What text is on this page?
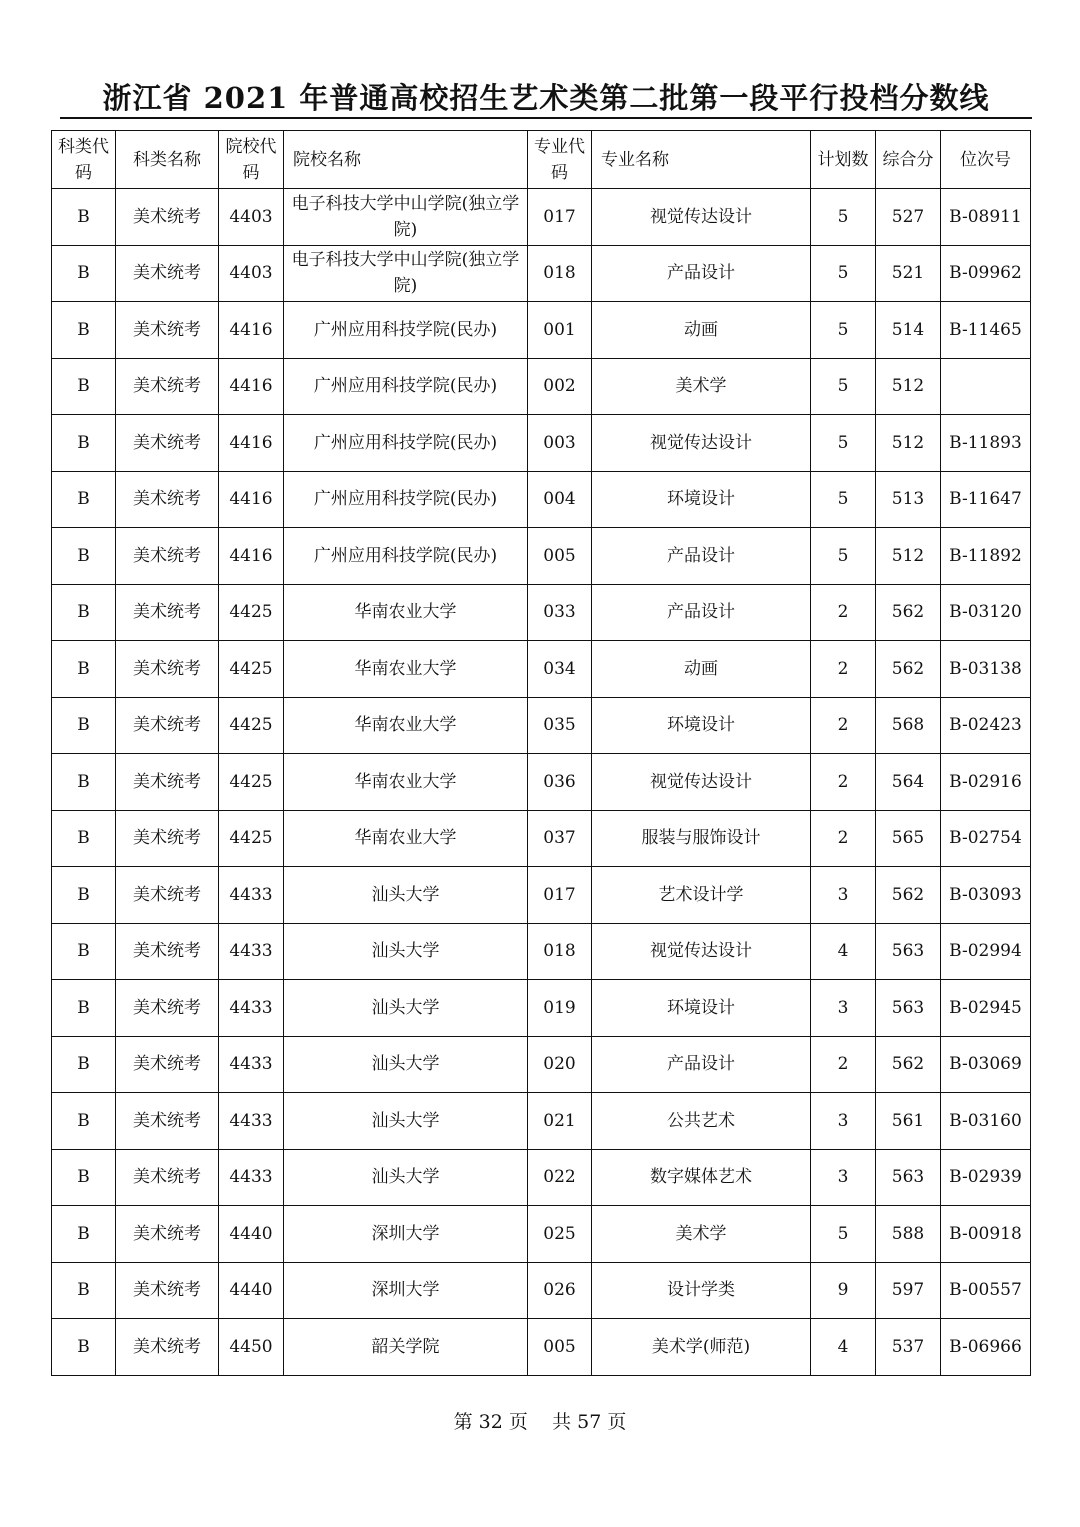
浙江省 2021 年普通高校招生艺术类第二批第一段平行投档分数线
科类代码	科类名称	院校代码	院校名称	专业代码	专业名称	计划数	综合分	位次号
B	美术统考	4403	电子科技大学中山学院(独立学院)	017	视觉传达设计	5	527	B-08911
B	美术统考	4403	电子科技大学中山学院(独立学院)	018	产品设计	5	521	B-09962
B	美术统考	4416	广州应用科技学院(民办)	001	动画	5	514	B-11465
B	美术统考	4416	广州应用科技学院(民办)	002	美术学	5	512	
B	美术统考	4416	广州应用科技学院(民办)	003	视觉传达设计	5	512	B-11893
B	美术统考	4416	广州应用科技学院(民办)	004	环境设计	5	513	B-11647
B	美术统考	4416	广州应用科技学院(民办)	005	产品设计	5	512	B-11892
B	美术统考	4425	华南农业大学	033	产品设计	2	562	B-03120
B	美术统考	4425	华南农业大学	034	动画	2	562	B-03138
B	美术统考	4425	华南农业大学	035	环境设计	2	568	B-02423
B	美术统考	4425	华南农业大学	036	视觉传达设计	2	564	B-02916
B	美术统考	4425	华南农业大学	037	服装与服饰设计	2	565	B-02754
B	美术统考	4433	汕头大学	017	艺术设计学	3	562	B-03093
B	美术统考	4433	汕头大学	018	视觉传达设计	4	563	B-02994
B	美术统考	4433	汕头大学	019	环境设计	3	563	B-02945
B	美术统考	4433	汕头大学	020	产品设计	2	562	B-03069
B	美术统考	4433	汕头大学	021	公共艺术	3	561	B-03160
B	美术统考	4433	汕头大学	022	数字媒体艺术	3	563	B-02939
B	美术统考	4440	深圳大学	025	美术学	5	588	B-00918
B	美术统考	4440	深圳大学	026	设计学类	9	597	B-00557
B	美术统考	4450	韶关学院	005	美术学(师范)	4	537	B-06966
第 32 页 共 57 页
